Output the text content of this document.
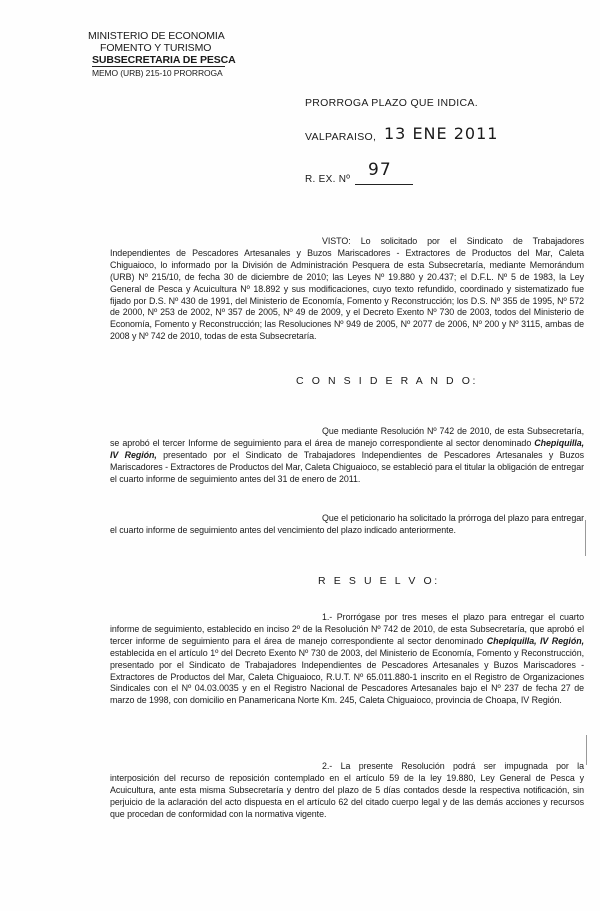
MINISTERIO DE ECONOMIA
FOMENTO Y TURISMO
SUBSECRETARIA DE PESCA
MEMO (URB) 215-10 PRORROGA
PRORROGA PLAZO QUE INDICA.
VALPARAISO, 13 ENE 2011
R. EX. Nº 97
VISTO: Lo solicitado por el Sindicato de Trabajadores Independientes de Pescadores Artesanales y Buzos Mariscadores - Extractores de Productos del Mar, Caleta Chiguaioco, lo informado por la División de Administración Pesquera de esta Subsecretaría, mediante Memorándum (URB) Nº 215/10, de fecha 30 de diciembre de 2010; las Leyes Nº 19.880 y 20.437; el D.F.L. Nº 5 de 1983, la Ley General de Pesca y Acuicultura Nº 18.892 y sus modificaciones, cuyo texto refundido, coordinado y sistematizado fue fijado por D.S. Nº 430 de 1991, del Ministerio de Economía, Fomento y Reconstrucción; los D.S. Nº 355 de 1995, Nº 572 de 2000, Nº 253 de 2002, Nº 357 de 2005, Nº 49 de 2009, y el Decreto Exento Nº 730 de 2003, todos del Ministerio de Economía, Fomento y Reconstrucción; las Resoluciones Nº 949 de 2005, Nº 2077 de 2006, Nº 200 y Nº 3115, ambas de 2008 y Nº 742 de 2010, todas de esta Subsecretaría.
C O N S I D E R A N D O:
Que mediante Resolución Nº 742 de 2010, de esta Subsecretaría, se aprobó el tercer Informe de seguimiento para el área de manejo correspondiente al sector denominado Chepiquilla, IV Región, presentado por el Sindicato de Trabajadores Independientes de Pescadores Artesanales y Buzos Mariscadores - Extractores de Productos del Mar, Caleta Chiguaioco, se estableció para el titular la obligación de entregar el cuarto informe de seguimiento antes del 31 de enero de 2011.
Que el peticionario ha solicitado la prórroga del plazo para entregar el cuarto informe de seguimiento antes del vencimiento del plazo indicado anteriormente.
R E S U E L V O:
1.- Prorrógase por tres meses el plazo para entregar el cuarto informe de seguimiento, establecido en inciso 2º de la Resolución Nº 742 de 2010, de esta Subsecretaría, que aprobó el tercer informe de seguimiento para el área de manejo correspondiente al sector denominado Chepiquilla, IV Región, establecida en el artículo 1º del Decreto Exento Nº 730 de 2003, del Ministerio de Economía, Fomento y Reconstrucción, presentado por el Sindicato de Trabajadores Independientes de Pescadores Artesanales y Buzos Mariscadores - Extractores de Productos del Mar, Caleta Chiguaioco, R.U.T. Nº 65.011.880-1 inscrito en el Registro de Organizaciones Sindicales con el Nº 04.03.0035 y en el Registro Nacional de Pescadores Artesanales bajo el Nº 237 de fecha 27 de marzo de 1998, con domicilio en Panamericana Norte Km. 245, Caleta Chiguaioco, provincia de Choapa, IV Región.
2.- La presente Resolución podrá ser impugnada por la interposición del recurso de reposición contemplado en el artículo 59 de la ley 19.880, Ley General de Pesca y Acuicultura, ante esta misma Subsecretaría y dentro del plazo de 5 días contados desde la respectiva notificación, sin perjuicio de la aclaración del acto dispuesta en el artículo 62 del citado cuerpo legal y de las demás acciones y recursos que procedan de conformidad con la normativa vigente.
